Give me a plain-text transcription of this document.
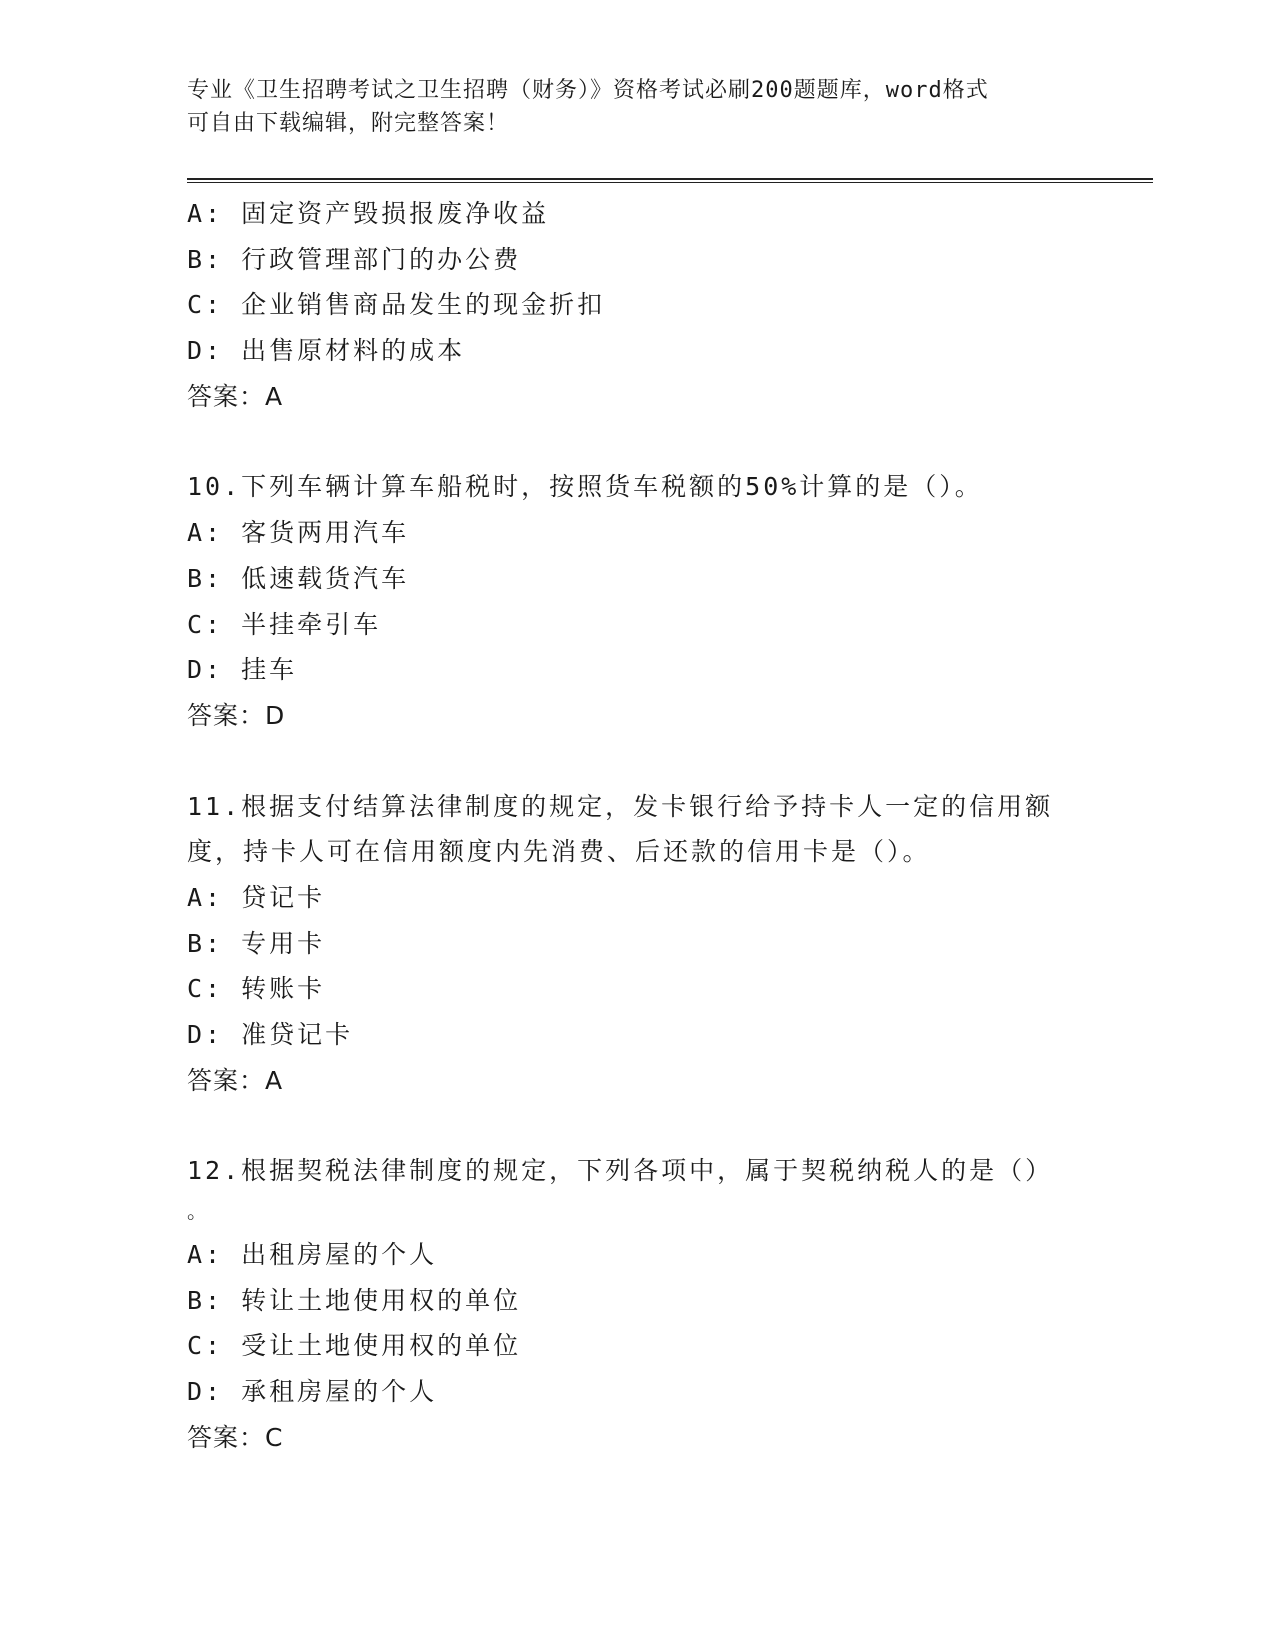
专业《卫生招聘考试之卫生招聘（财务）》资格考试必刷200题题库，word格式
可自由下载编辑，附完整答案！
A: 固定资产毁损报废净收益
B: 行政管理部门的办公费
C: 企业销售商品发生的现金折扣
D: 出售原材料的成本
答案：A
10.下列车辆计算车船税时，按照货车税额的50%计算的是（）。
A: 客货两用汽车
B: 低速载货汽车
C: 半挂牵引车
D: 挂车
答案：D
11.根据支付结算法律制度的规定，发卡银行给予持卡人一定的信用额
度，持卡人可在信用额度内先消费、后还款的信用卡是（）。
A: 贷记卡
B: 专用卡
C: 转账卡
D: 准贷记卡
答案：A
12.根据契税法律制度的规定，下列各项中，属于契税纳税人的是（）
。
A: 出租房屋的个人
B: 转让土地使用权的单位
C: 受让土地使用权的单位
D: 承租房屋的个人
答案：C
